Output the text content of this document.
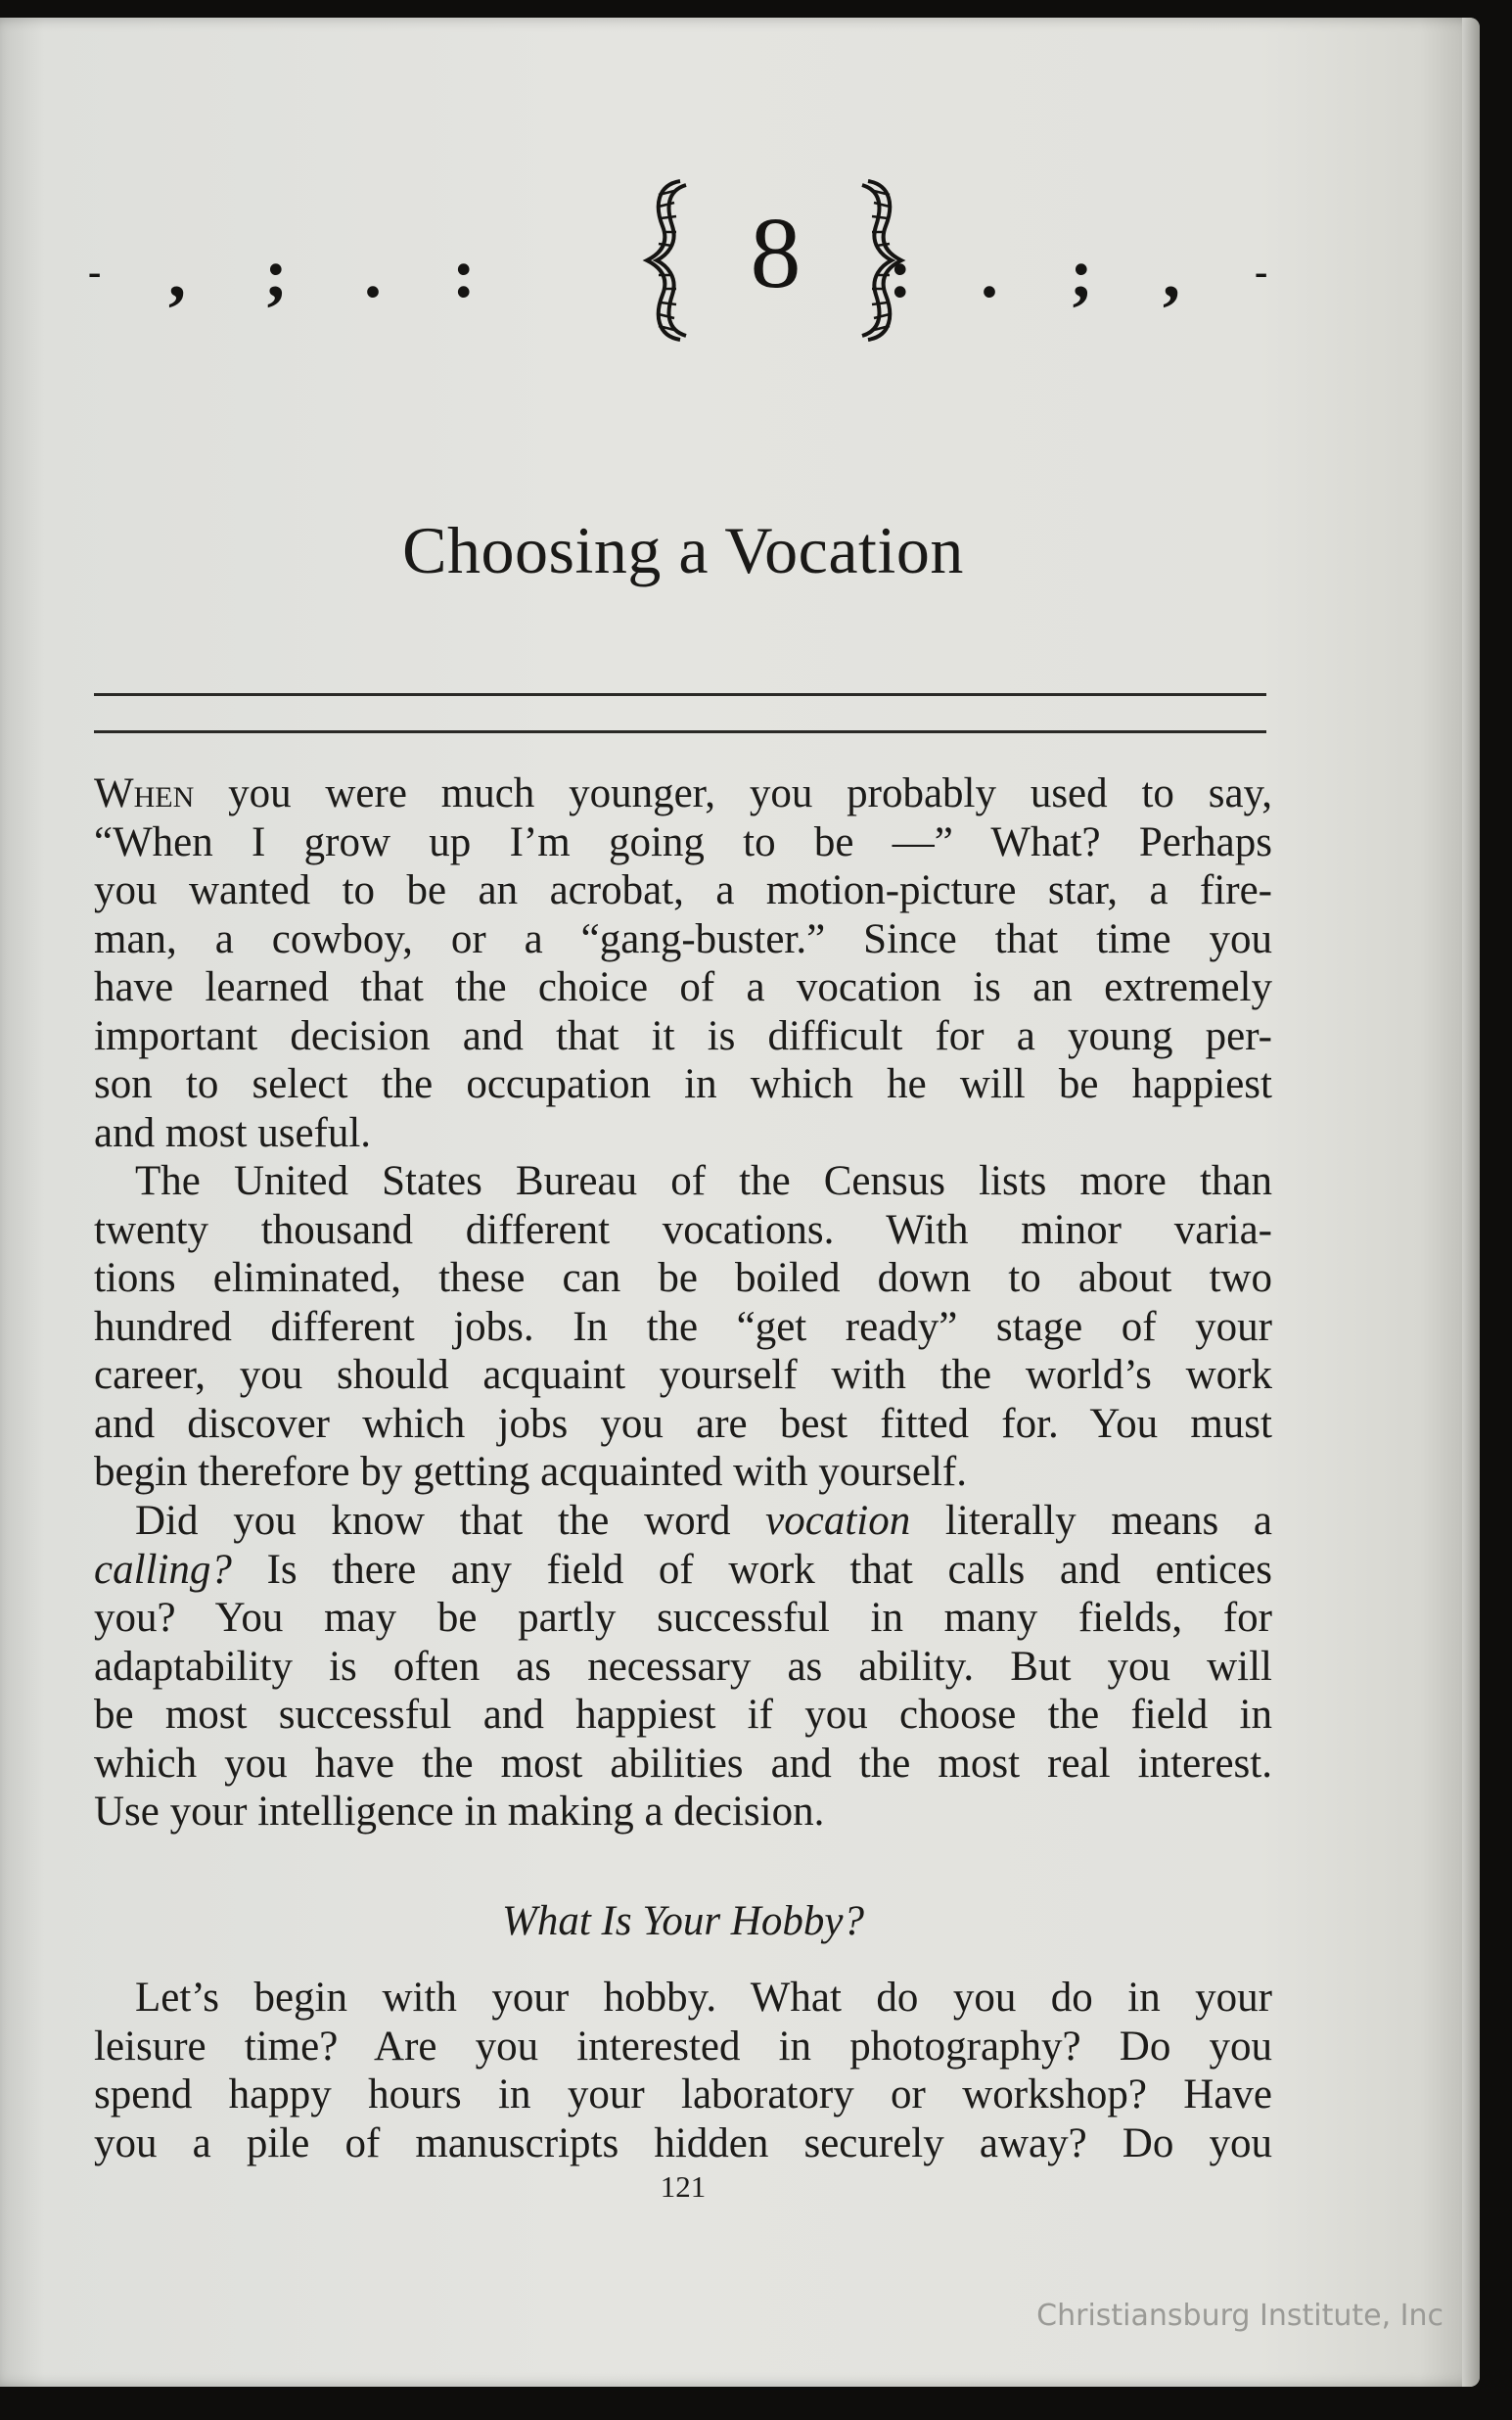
- , ; . :	8	: . ; , -
Choosing a Vocation
When you were much younger, you probably used to say,
“When I grow up I’m going to be —” What? Perhaps
you wanted to be an acrobat, a motion-picture star, a fire-
man, a cowboy, or a “gang-buster.” Since that time you
have learned that the choice of a vocation is an extremely
important decision and that it is difficult for a young per-
son to select the occupation in which he will be happiest
and most useful.
The United States Bureau of the Census lists more than
twenty thousand different vocations. With minor varia-
tions eliminated, these can be boiled down to about two
hundred different jobs. In the “get ready” stage of your
career, you should acquaint yourself with the world’s work
and discover which jobs you are best fitted for. You must
begin therefore by getting acquainted with yourself.
Did you know that the word vocation literally means a
calling? Is there any field of work that calls and entices
you? You may be partly successful in many fields, for
adaptability is often as necessary as ability. But you will
be most successful and happiest if you choose the field in
which you have the most abilities and the most real interest.
Use your intelligence in making a decision.
What Is Your Hobby?
Let’s begin with your hobby. What do you do in your
leisure time? Are you interested in photography? Do you
spend happy hours in your laboratory or workshop? Have
you a pile of manuscripts hidden securely away? Do you
121
Christiansburg Institute, Inc
